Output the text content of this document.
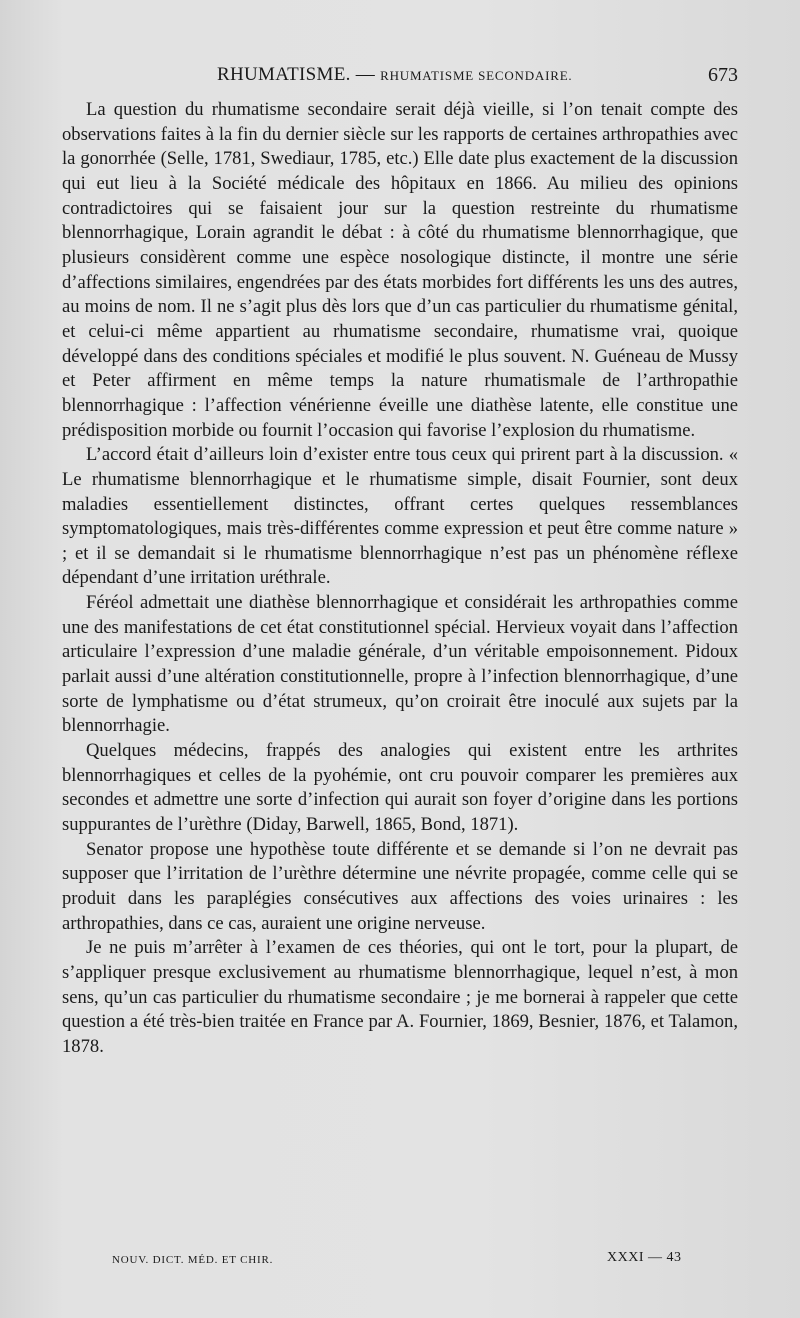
RHUMATISME. — RHUMATISME SECONDAIRE.	673

La question du rhumatisme secondaire serait déjà vieille, si l’on tenait compte des observations faites à la fin du dernier siècle sur les rapports de certaines arthropathies avec la gonorrhée (Selle, 1781, Swediaur, 1785, etc.) Elle date plus exactement de la discussion qui eut lieu à la Société médicale des hôpitaux en 1866. Au milieu des opinions contradictoires qui se faisaient jour sur la question restreinte du rhumatisme blennorrhagique, Lorain agrandit le débat : à côté du rhumatisme blennorrhagique, que plusieurs considèrent comme une espèce nosologique distincte, il montre une série d’affections similaires, engendrées par des états morbides fort différents les uns des autres, au moins de nom. Il ne s’agit plus dès lors que d’un cas particulier du rhumatisme génital, et celui-ci même appartient au rhumatisme secondaire, rhumatisme vrai, quoique développé dans des conditions spéciales et modifié le plus souvent. N. Guéneau de Mussy et Peter affirment en même temps la nature rhumatismale de l’arthropathie blennorrhagique : l’affection vénérienne éveille une diathèse latente, elle constitue une prédisposition morbide ou fournit l’occasion qui favorise l’explosion du rhumatisme.

L’accord était d’ailleurs loin d’exister entre tous ceux qui prirent part à la discussion. « Le rhumatisme blennorrhagique et le rhumatisme simple, disait Fournier, sont deux maladies essentiellement distinctes, offrant certes quelques ressemblances symptomatologiques, mais très-différentes comme expression et peut être comme nature » ; et il se demandait si le rhumatisme blennorrhagique n’est pas un phénomène réflexe dépendant d’une irritation uréthrale.

Féréol admettait une diathèse blennorrhagique et considérait les arthropathies comme une des manifestations de cet état constitutionnel spécial. Hervieux voyait dans l’affection articulaire l’expression d’une maladie générale, d’un véritable empoisonnement. Pidoux parlait aussi d’une altération constitutionnelle, propre à l’infection blennorrhagique, d’une sorte de lymphatisme ou d’état strumeux, qu’on croirait être inoculé aux sujets par la blennorrhagie.

Quelques médecins, frappés des analogies qui existent entre les arthrites blennorrhagiques et celles de la pyohémie, ont cru pouvoir comparer les premières aux secondes et admettre une sorte d’infection qui aurait son foyer d’origine dans les portions suppurantes de l’urèthre (Diday, Barwell, 1865, Bond, 1871).

Senator propose une hypothèse toute différente et se demande si l’on ne devrait pas supposer que l’irritation de l’urèthre détermine une névrite propagée, comme celle qui se produit dans les paraplégies consécutives aux affections des voies urinaires : les arthropathies, dans ce cas, auraient une origine nerveuse.

Je ne puis m’arrêter à l’examen de ces théories, qui ont le tort, pour la plupart, de s’appliquer presque exclusivement au rhumatisme blennorrhagique, lequel n’est, à mon sens, qu’un cas particulier du rhumatisme secondaire ; je me bornerai à rappeler que cette question a été très-bien traitée en France par A. Fournier, 1869, Besnier, 1876, et Talamon, 1878.

NOUV. DICT. MÉD. ET CHIR.	XXXI — 43
